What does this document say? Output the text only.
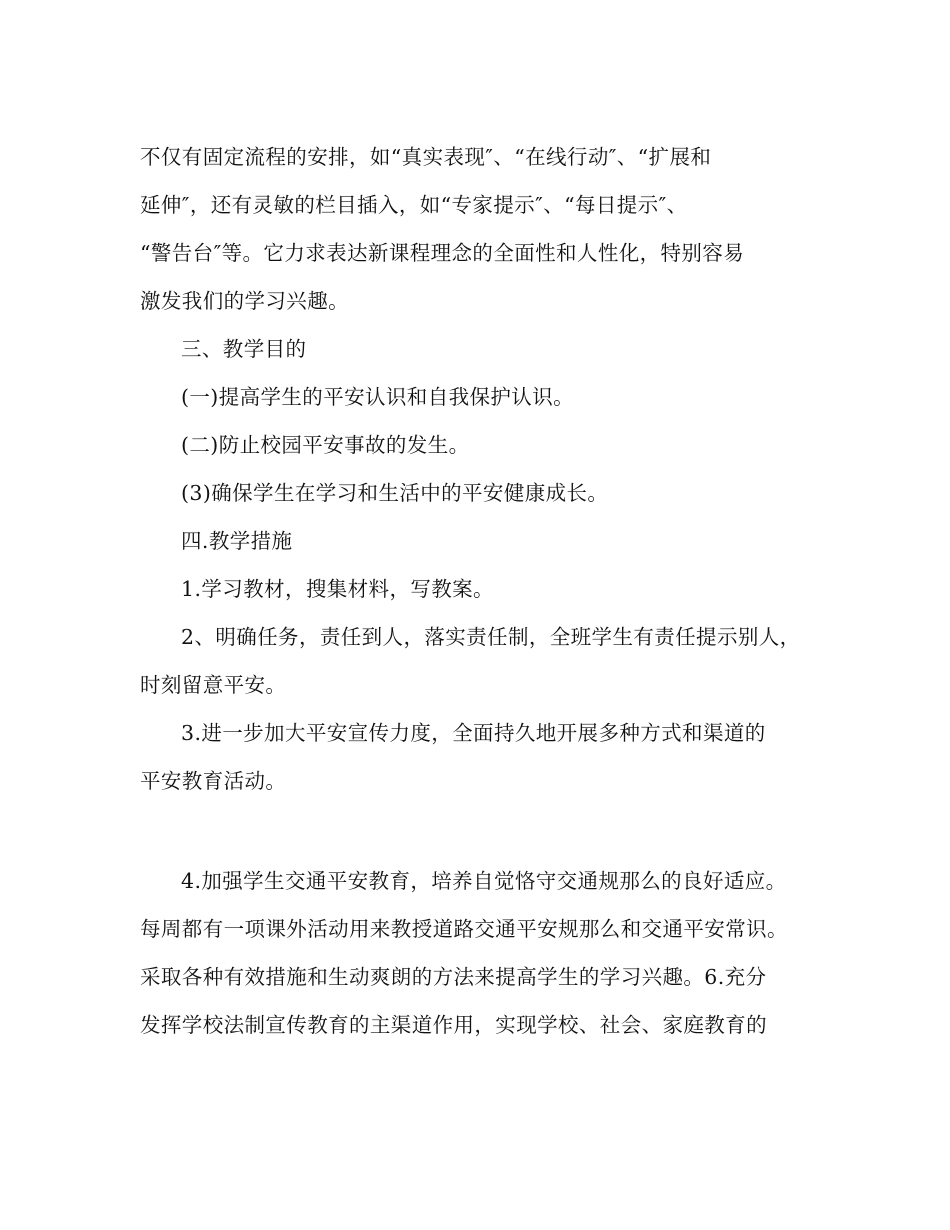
不仅有固定流程的安排，如“真实表现″、“在线行动″、“扩展和
延伸″，还有灵敏的栏目插入，如“专家提示″、“每日提示″、
“警告台″等。它力求表达新课程理念的全面性和人性化，特别容易
激发我们的学习兴趣。
三、教学目的
(一)提高学生的平安认识和自我保护认识。
(二)防止校园平安事故的发生。
(3)确保学生在学习和生活中的平安健康成长。
四.教学措施
1.学习教材，搜集材料，写教案。
2、明确任务，责任到人，落实责任制，全班学生有责任提示别人，
时刻留意平安。
3.进一步加大平安宣传力度，全面持久地开展多种方式和渠道的
平安教育活动。
4.加强学生交通平安教育，培养自觉恪守交通规那么的良好适应。
每周都有一项课外活动用来教授道路交通平安规那么和交通平安常识。
采取各种有效措施和生动爽朗的方法来提高学生的学习兴趣。6.充分
发挥学校法制宣传教育的主渠道作用，实现学校、社会、家庭教育的
